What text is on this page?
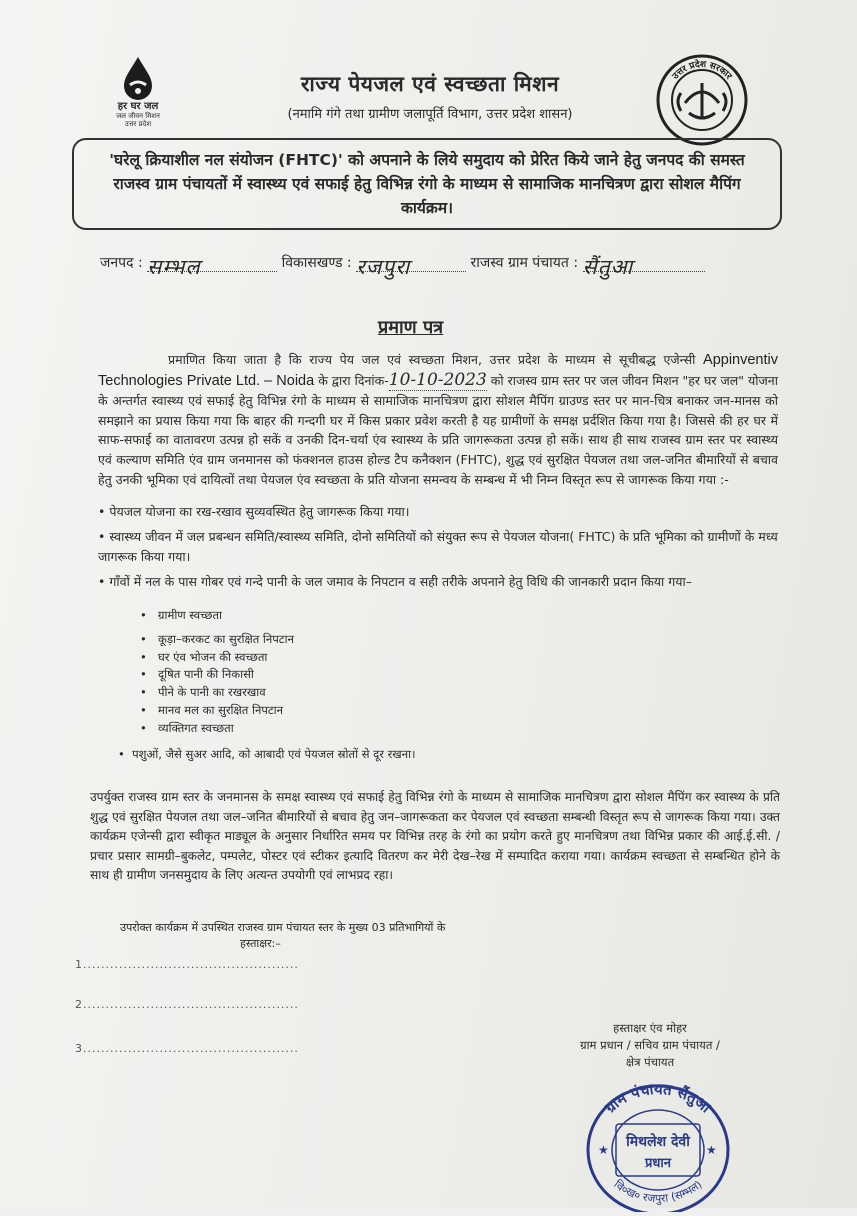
हर घर जल
जल जीवन मिशन
उत्तर प्रदेश
राज्य पेयजल एवं स्वच्छता मिशन
(नमामि गंगे तथा ग्रामीण जलापूर्ति विभाग, उत्तर प्रदेश शासन)
उत्तर प्रदेश सरकार
'घरेलू क्रियाशील नल संयोजन (FHTC)' को अपनाने के लिये समुदाय को प्रेरित किये जाने हेतु जनपद की समस्त राजस्व ग्राम पंचायतों में स्वास्थ्य एवं सफाई हेतु विभिन्न रंगो के माध्यम से सामाजिक मानचित्रण द्वारा सोशल मैपिंग कार्यक्रम।
जनपद : सम्भल	विकासखण्ड : रजपुरा	राजस्व ग्राम पंचायत : सैंतुआ
प्रमाण पत्र
प्रमाणित किया जाता है कि राज्य पेय जल एवं स्वच्छता मिशन, उत्तर प्रदेश के माध्यम से सूचीबद्ध एजेन्सी Appinventiv Technologies Private Ltd. – Noida के द्वारा दिनांक-10-10-2023 को राजस्व ग्राम स्तर पर जल जीवन मिशन "हर घर जल" योजना के अन्तर्गत स्वास्थ्य एवं सफाई हेतु विभिन्न रंगो के माध्यम से सामाजिक मानचित्रण द्वारा सोशल मैपिंग ग्राउण्ड स्तर पर मान-चित्र बनाकर जन-मानस को समझाने का प्रयास किया गया कि बाहर की गन्दगी घर में किस प्रकार प्रवेश करती है यह ग्रामीणों के समक्ष प्रर्दशित किया गया है। जिससे की हर घर में साफ-सफाई का वातावरण उत्पन्न हो सकें व उनकी दिन-चर्या एंव स्वास्थ्य के प्रति जागरूकता उत्पन्न हो सकें। साथ ही साथ राजस्व ग्राम स्तर पर स्वास्थ्य एवं कल्याण समिति एंव ग्राम जनमानस को फंक्शनल हाउस होल्ड टैप कनैक्शन (FHTC), शुद्ध एवं सुरक्षित पेयजल तथा जल-जनित बीमारियों से बचाव हेतु उनकी भूमिका एवं दायित्वों तथा पेयजल एंव स्वच्छता के प्रति योजना समन्वय के सम्बन्ध में भी निम्न विस्तृत रूप से जागरूक किया गया :-
• पेयजल योजना का रख-रखाव सुव्यवस्थित हेतु जागरूक किया गया।
• स्वास्थ्य जीवन में जल प्रबन्धन समिति/स्वास्थ्य समिति, दोनो समितियों को संयुक्त रूप से पेयजल योजना( FHTC) के प्रति भूमिका को ग्रामीणों के मध्य जागरूक किया गया।
• गाँवों में नल के पास गोबर एवं गन्दे पानी के जल जमाव के निपटान व सही तरीके अपनाने हेतु विधि की जानकारी प्रदान किया गया–
• ग्रामीण स्वच्छता
• कूड़ा–करकट का सुरक्षित निपटान
• घर एंव भोजन की स्वच्छता
• दूषित पानी की निकासी
• पीने के पानी का रखरखाव
• मानव मल का सुरक्षित निपटान
• व्यक्तिगत स्वच्छता
•  पशुओं, जैसे सुअर आदि, को आबादी एवं पेयजल स्रोतों से दूर रखना।
उपर्युक्त राजस्व ग्राम स्तर के जनमानस के समक्ष स्वास्थ्य एवं सफाई हेतु विभिन्न रंगो के माध्यम से सामाजिक मानचित्रण द्वारा सोशल मैपिंग कर स्वास्थ्य के प्रति शुद्ध एवं सुरक्षित पेयजल तथा जल–जनित बीमारियों से बचाव हेतु जन–जागरूकता कर पेयजल एवं स्वच्छता सम्बन्धी विस्तृत रूप से जागरूक किया गया। उक्त कार्यक्रम एजेन्सी द्वारा स्वीकृत माड्यूल के अनुसार निर्धारित समय पर विभिन्न तरह के रंगो का प्रयोग करते हुए मानचित्रण तथा विभिन्न प्रकार की आई.ई.सी. / प्रचार प्रसार सामग्री–बुकलेट, पम्पलेट, पोस्टर एवं स्टीकर इत्यादि वितरण कर मेरी देख–रेख में सम्पादित कराया गया। कार्यक्रम स्वच्छता से सम्बन्धित होने के साथ ही ग्रामीण जनसमुदाय के लिए अत्यन्त उपयोगी एवं लाभप्रद रहा।
उपरोक्त कार्यक्रम में उपस्थित राजस्व ग्राम पंचायत स्तर के मुख्य 03 प्रतिभागियों के
हस्ताक्षर:–
1................................................
2................................................
3................................................
हस्ताक्षर एंव मोहर
ग्राम प्रधान / सचिव ग्राम पंचायत /
क्षेत्र पंचायत
ग्राम पंचायत सैंतुआ
मिथलेश देवी
प्रधान
वि०ख० रजपुरा (सम्भल)
★	★
